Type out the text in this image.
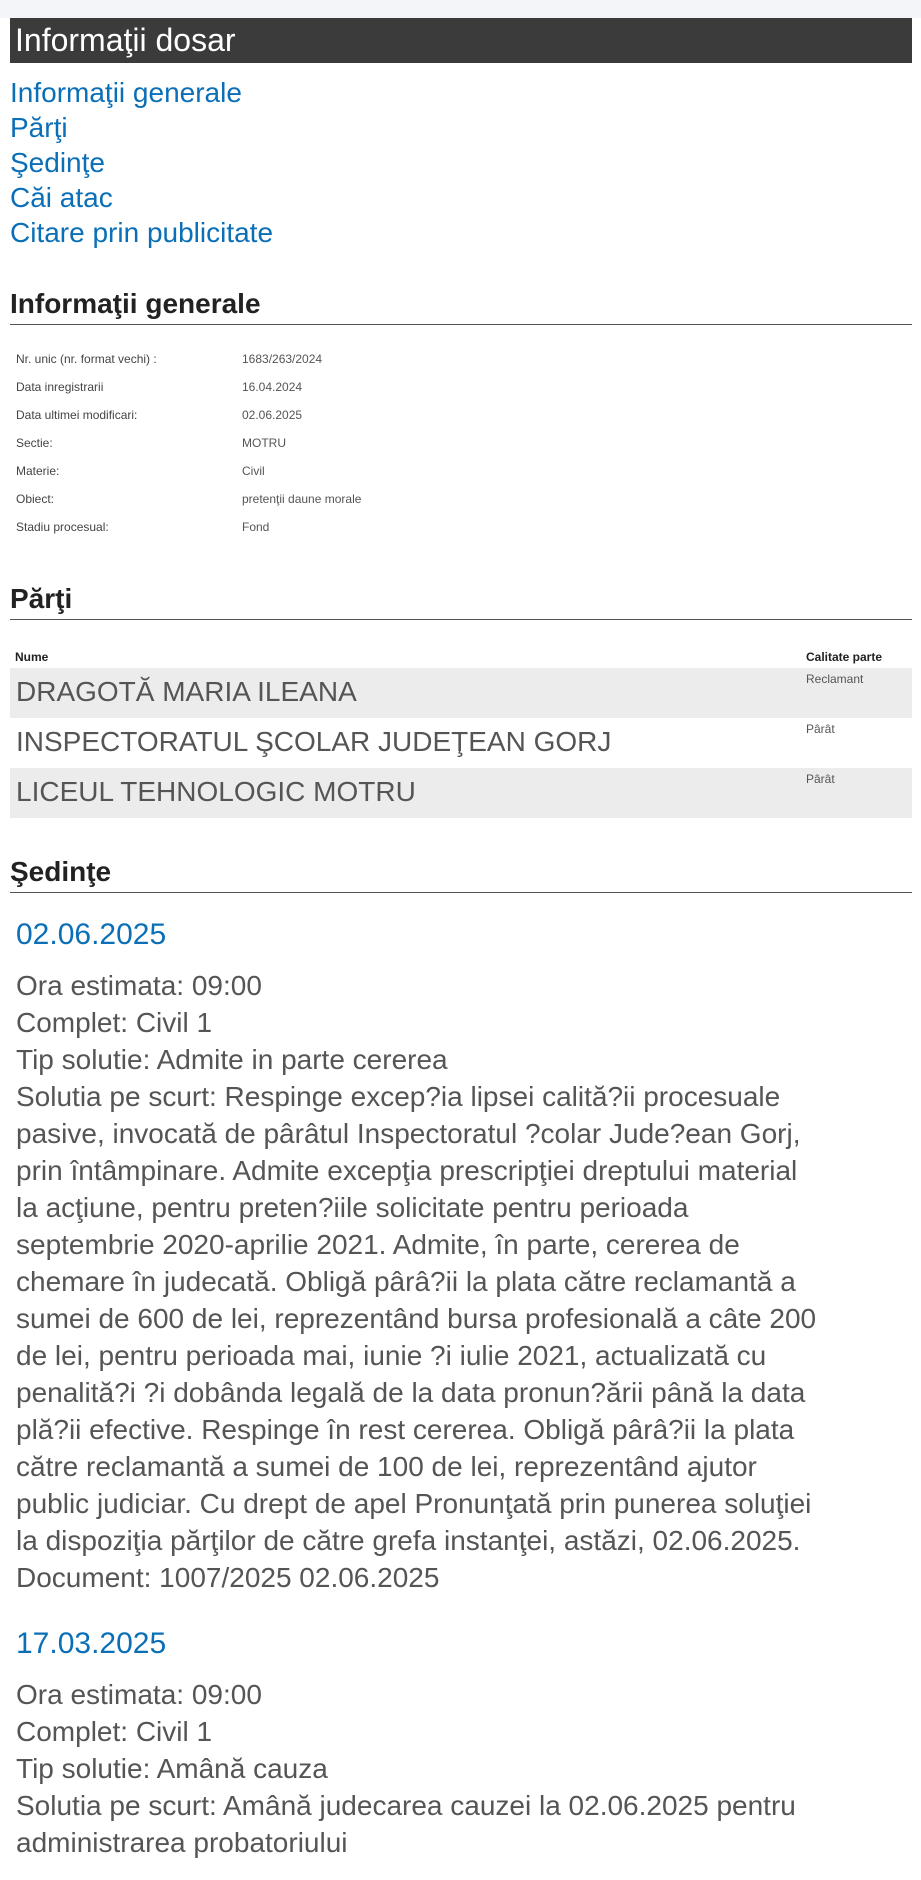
Informaţii dosar
Informaţii generale
Părţi
Şedinţe
Căi atac
Citare prin publicitate
Informaţii generale
Nr. unic (nr. format vechi) :	1683/263/2024
Data inregistrarii	16.04.2024
Data ultimei modificari:	02.06.2025
Sectie:	MOTRU
Materie:	Civil
Obiect:	pretenţii daune morale
Stadiu procesual:	Fond
Părţi
Nume	Calitate parte
DRAGOTĂ MARIA ILEANA	Reclamant
INSPECTORATUL ŞCOLAR JUDEŢEAN GORJ	Pârât
LICEUL TEHNOLOGIC MOTRU	Pârât
Şedinţe
02.06.2025
Ora estimata: 09:00
Complet: Civil 1
Tip solutie: Admite in parte cererea
Solutia pe scurt: Respinge excep?ia lipsei calită?ii procesuale
pasive, invocată de pârâtul Inspectoratul ?colar Jude?ean Gorj,
prin întâmpinare. Admite excepţia prescripţiei dreptului material
la acţiune, pentru preten?iile solicitate pentru perioada
septembrie 2020-aprilie 2021. Admite, în parte, cererea de
chemare în judecată. Obligă pârâ?ii la plata către reclamantă a
sumei de 600 de lei, reprezentând bursa profesională a câte 200
de lei, pentru perioada mai, iunie ?i iulie 2021, actualizată cu
penalită?i ?i dobânda legală de la data pronun?ării până la data
plă?ii efective. Respinge în rest cererea. Obligă pârâ?ii la plata
către reclamantă a sumei de 100 de lei, reprezentând ajutor
public judiciar. Cu drept de apel Pronunţată prin punerea soluţiei
la dispoziţia părţilor de către grefa instanţei, astăzi, 02.06.2025.
Document: 1007/2025 02.06.2025
17.03.2025
Ora estimata: 09:00
Complet: Civil 1
Tip solutie: Amână cauza
Solutia pe scurt: Amână judecarea cauzei la 02.06.2025 pentru
administrarea probatoriului
